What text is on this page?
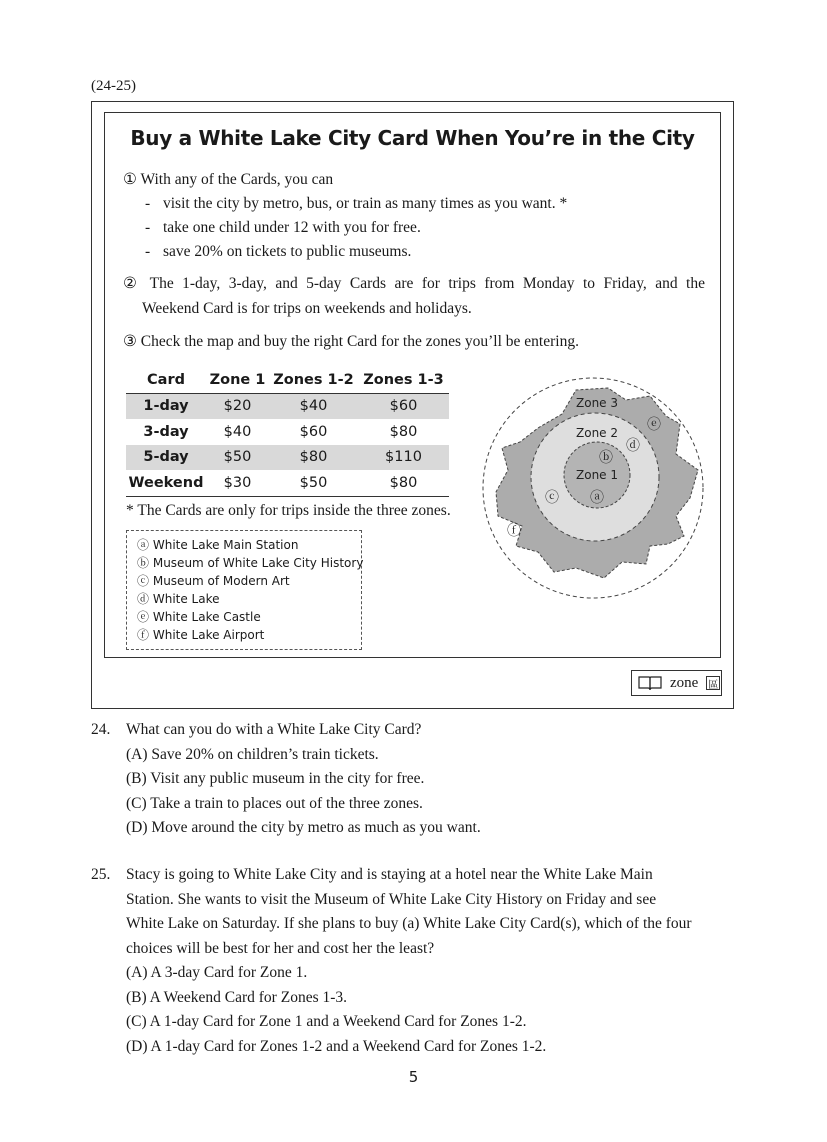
(24-25)
Buy a White Lake City Card When You’re in the City
① With any of the Cards, you can
- visit the city by metro, bus, or train as many times as you want. *
- take one child under 12 with you for free.
- save 20% on tickets to public museums.
② The 1-day, 3-day, and 5-day Cards are for trips from Monday to Friday, and the
Weekend Card is for trips on weekends and holidays.
③ Check the map and buy the right Card for the zones you’ll be entering.
Card	Zone 1	Zones 1-2	Zones 1-3
1-day	$20	$40	$60
3-day	$40	$60	$80
5-day	$50	$80	$110
Weekend	$30	$50	$80
* The Cards are only for trips inside the three zones.
ⓐ White Lake Main Station
ⓑ Museum of White Lake City History
ⓒ Museum of Modern Art
ⓓ White Lake
ⓔ White Lake Castle
ⓕ White Lake Airport
Zone 3
Zone 2
Zone 1
ⓑ
ⓐ
ⓒ
ⓓ
ⓔ
ⓕ
zone 區
24. What can you do with a White Lake City Card?
(A) Save 20% on children’s train tickets.
(B) Visit any public museum in the city for free.
(C) Take a train to places out of the three zones.
(D) Move around the city by metro as much as you want.
25. Stacy is going to White Lake City and is staying at a hotel near the White Lake Main
Station. She wants to visit the Museum of White Lake City History on Friday and see
White Lake on Saturday. If she plans to buy (a) White Lake City Card(s), which of the four
choices will be best for her and cost her the least?
(A) A 3-day Card for Zone 1.
(B) A Weekend Card for Zones 1-3.
(C) A 1-day Card for Zone 1 and a Weekend Card for Zones 1-2.
(D) A 1-day Card for Zones 1-2 and a Weekend Card for Zones 1-2.
5
